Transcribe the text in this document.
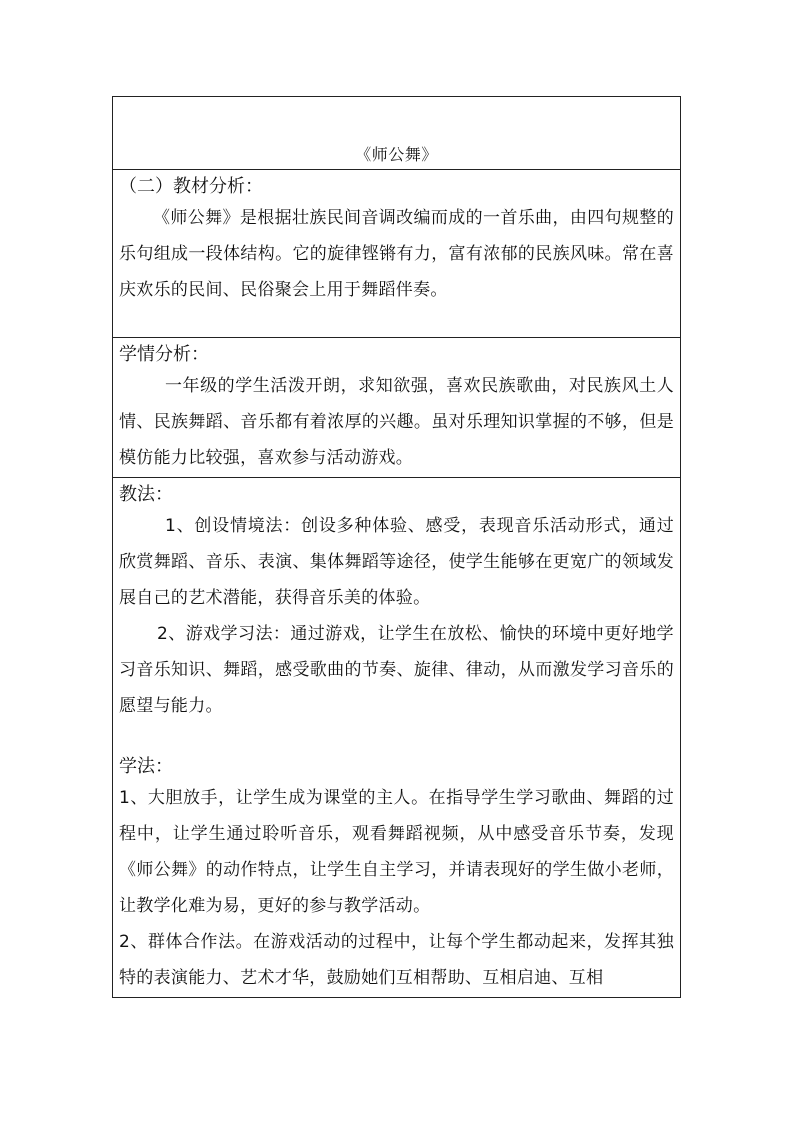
《师公舞》
（二）教材分析：

《师公舞》是根据壮族民间音调改编而成的一首乐曲，由四句规整的乐句组成一段体结构。它的旋律铿锵有力，富有浓郁的民族风味。常在喜庆欢乐的民间、民俗聚会上用于舞蹈伴奏。

学情分析：

一年级的学生活泼开朗，求知欲强，喜欢民族歌曲，对民族风土人情、民族舞蹈、音乐都有着浓厚的兴趣。虽对乐理知识掌握的不够，但是模仿能力比较强，喜欢参与活动游戏。

教法：

1、创设情境法：创设多种体验、感受，表现音乐活动形式，通过欣赏舞蹈、音乐、表演、集体舞蹈等途径，使学生能够在更宽广的领域发展自己的艺术潜能，获得音乐美的体验。

2、游戏学习法：通过游戏，让学生在放松、愉快的环境中更好地学习音乐知识、舞蹈，感受歌曲的节奏、旋律、律动，从而激发学习音乐的愿望与能力。

学法：

1、大胆放手，让学生成为课堂的主人。在指导学生学习歌曲、舞蹈的过程中，让学生通过聆听音乐，观看舞蹈视频，从中感受音乐节奏，发现《师公舞》的动作特点，让学生自主学习，并请表现好的学生做小老师，让教学化难为易，更好的参与教学活动。

2、群体合作法。在游戏活动的过程中，让每个学生都动起来，发挥其独特的表演能力、艺术才华，鼓励她们互相帮助、互相启迪、互相
